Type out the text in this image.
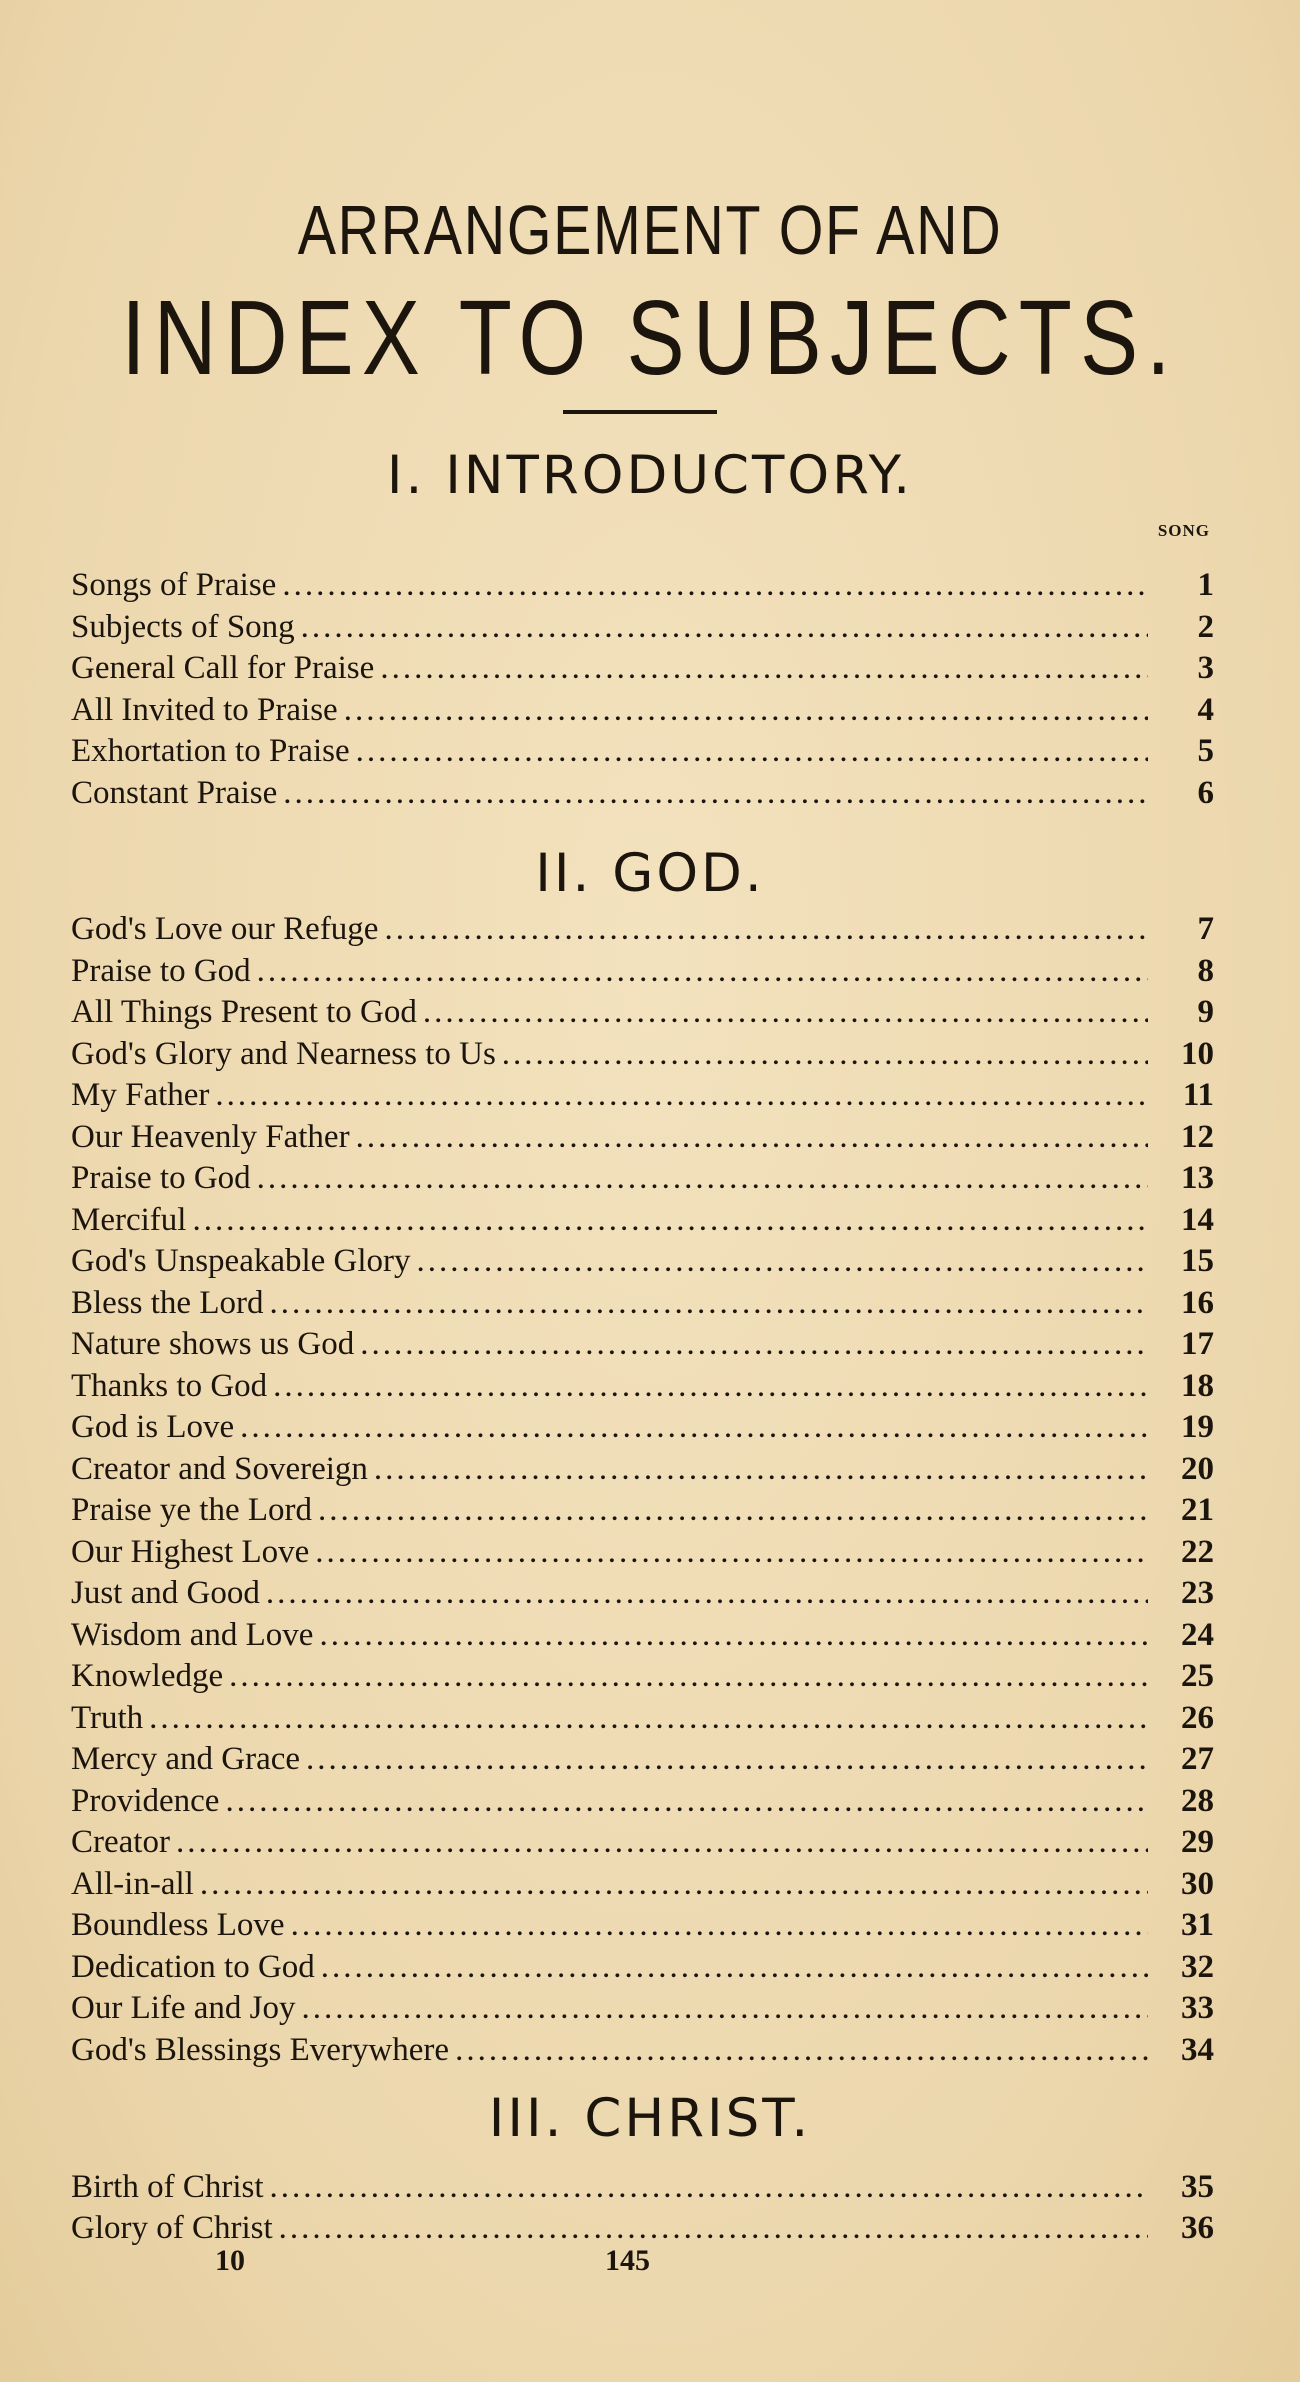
ARRANGEMENT OF AND
INDEX TO SUBJECTS.
I. INTRODUCTORY.
SONG
Songs of Praise .....	1
Subjects of Song .....	2
General Call for Praise .....	3
All Invited to Praise .....	4
Exhortation to Praise .....	5
Constant Praise .....	6
II. GOD.
God's Love our Refuge .....	7
Praise to God .....	8
All Things Present to God .....	9
God's Glory and Nearness to Us .....	10
My Father .....	11
Our Heavenly Father .....	12
Praise to God .....	13
Merciful .....	14
God's Unspeakable Glory .....	15
Bless the Lord .....	16
Nature shows us God .....	17
Thanks to God .....	18
God is Love .....	19
Creator and Sovereign .....	20
Praise ye the Lord .....	21
Our Highest Love .....	22
Just and Good .....	23
Wisdom and Love .....	24
Knowledge .....	25
Truth .....	26
Mercy and Grace .....	27
Providence .....	28
Creator .....	29
All-in-all .....	30
Boundless Love .....	31
Dedication to God .....	32
Our Life and Joy .....	33
God's Blessings Everywhere .....	34
III. CHRIST.
Birth of Christ .....	35
Glory of Christ .....	36
10	145
